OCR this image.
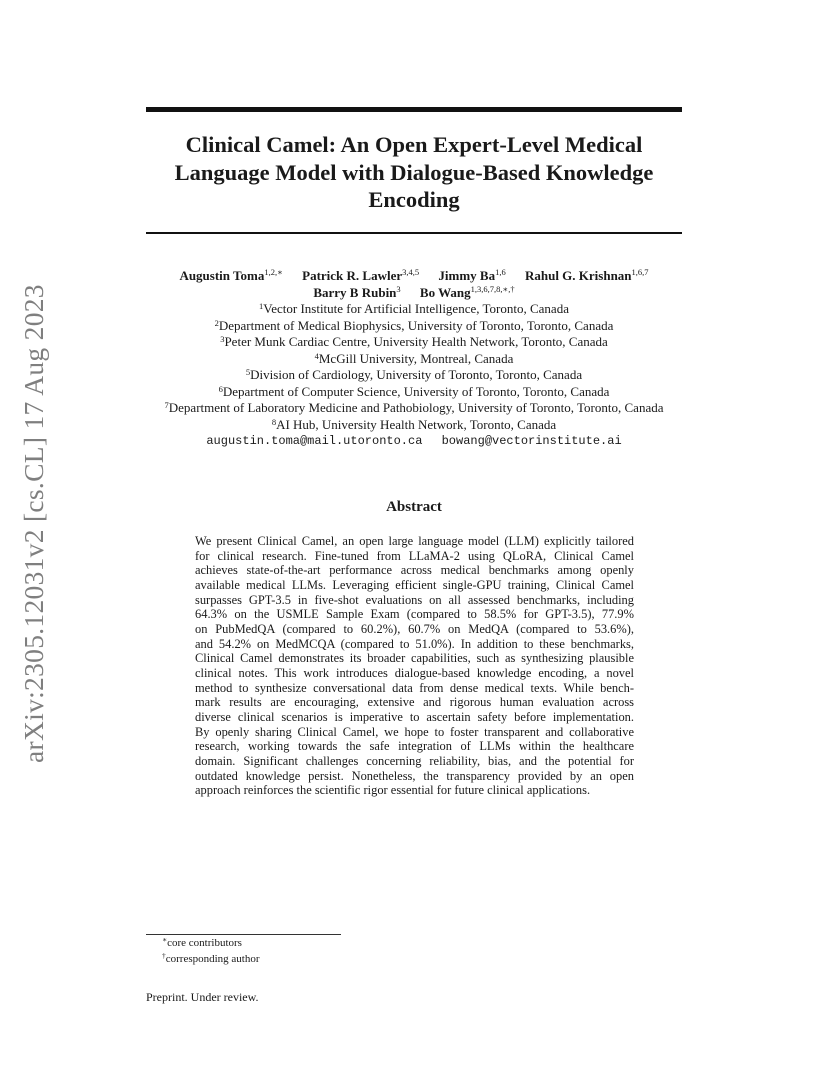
arXiv:2305.12031v2 [cs.CL] 17 Aug 2023
Clinical Camel: An Open Expert-Level Medical
Language Model with Dialogue-Based Knowledge
Encoding
Augustin Toma$^{1,2,∗}$ Patrick R. Lawler$^{3,4,5}$ Jimmy Ba$^{1,6}$ Rahul G. Krishnan$^{1,6,7}$
Barry B Rubin$^3$ Bo Wang$^{1,3,6,7,8,∗,\dagger}$
$^1$Vector Institute for Artificial Intelligence, Toronto, Canada
$^2$Department of Medical Biophysics, University of Toronto, Toronto, Canada
$^3$Peter Munk Cardiac Centre, University Health Network, Toronto, Canada
$^4$McGill University, Montreal, Canada
$^5$Division of Cardiology, University of Toronto, Toronto, Canada
$^6$Department of Computer Science, University of Toronto, Toronto, Canada
$^7$Department of Laboratory Medicine and Pathobiology, University of Toronto, Toronto, Canada
$^8$AI Hub, University Health Network, Toronto, Canada
augustin.toma@mail.utoronto.ca bowang@vectorinstitute.ai
Abstract
We present Clinical Camel, an open large language model (LLM) explicitly tailored
for clinical research. Fine-tuned from LLaMA-2 using QLoRA, Clinical Camel
achieves state-of-the-art performance across medical benchmarks among openly
available medical LLMs. Leveraging efficient single-GPU training, Clinical Camel
surpasses GPT-3.5 in five-shot evaluations on all assessed benchmarks, including
64.3% on the USMLE Sample Exam (compared to 58.5% for GPT-3.5), 77.9%
on PubMedQA (compared to 60.2%), 60.7% on MedQA (compared to 53.6%),
and 54.2% on MedMCQA (compared to 51.0%). In addition to these benchmarks,
Clinical Camel demonstrates its broader capabilities, such as synthesizing plausible
clinical notes. This work introduces dialogue-based knowledge encoding, a novel
method to synthesize conversational data from dense medical texts. While bench-
mark results are encouraging, extensive and rigorous human evaluation across
diverse clinical scenarios is imperative to ascertain safety before implementation.
By openly sharing Clinical Camel, we hope to foster transparent and collaborative
research, working towards the safe integration of LLMs within the healthcare
domain. Significant challenges concerning reliability, bias, and the potential for
outdated knowledge persist. Nonetheless, the transparency provided by an open
approach reinforces the scientific rigor essential for future clinical applications.
∗core contributors
†corresponding author
Preprint. Under review.
